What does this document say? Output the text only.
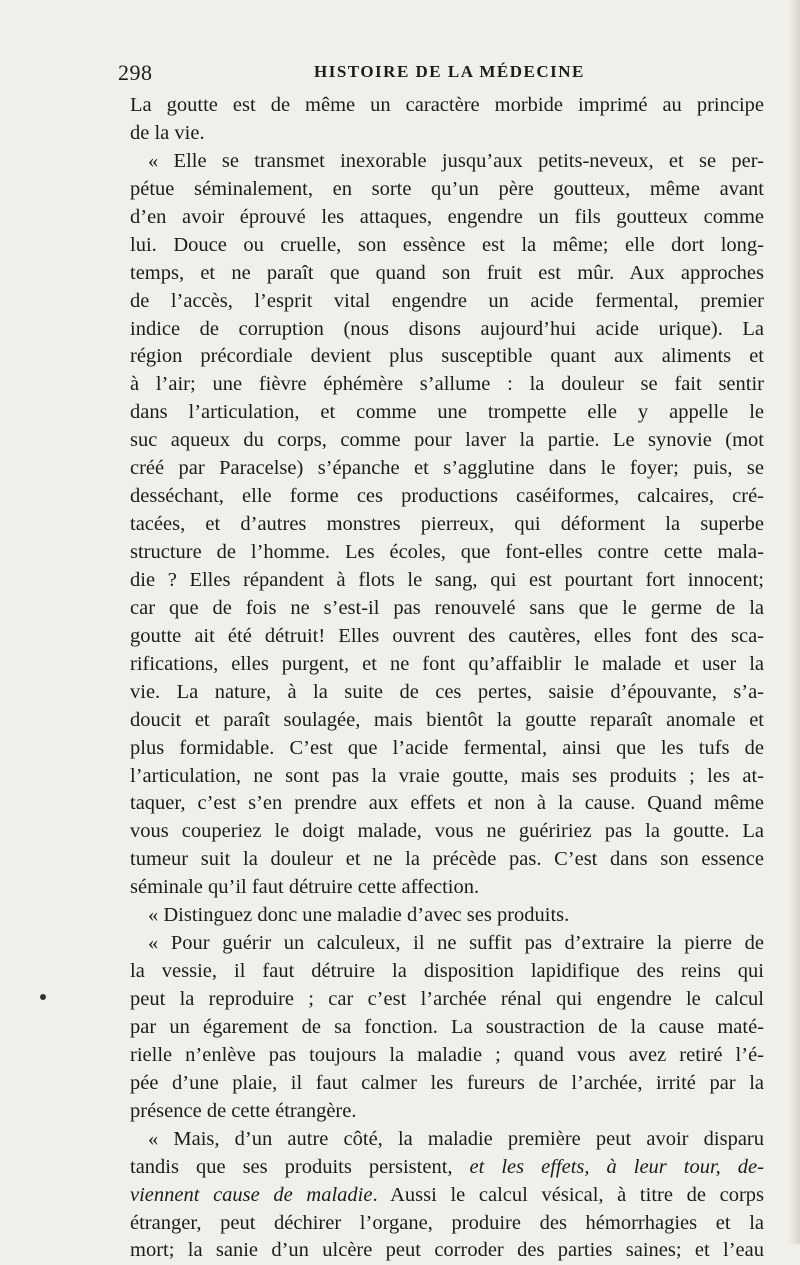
298	HISTOIRE DE LA MÉDECINE
La goutte est de même un caractère morbide imprimé au principe
de la vie.
« Elle se transmet inexorable jusqu’aux petits-neveux, et se per-
pétue séminalement, en sorte qu’un père goutteux, même avant
d’en avoir éprouvé les attaques, engendre un fils goutteux comme
lui. Douce ou cruelle, son essènce est la même; elle dort long-
temps, et ne paraît que quand son fruit est mûr. Aux approches
de l’accès, l’esprit vital engendre un acide fermental, premier
indice de corruption (nous disons aujourd’hui acide urique). La
région précordiale devient plus susceptible quant aux aliments et
à l’air; une fièvre éphémère s’allume : la douleur se fait sentir
dans l’articulation, et comme une trompette elle y appelle le
suc aqueux du corps, comme pour laver la partie. Le synovie (mot
créé par Paracelse) s’épanche et s’agglutine dans le foyer; puis, se
desséchant, elle forme ces productions caséiformes, calcaires, cré-
tacées, et d’autres monstres pierreux, qui déforment la superbe
structure de l’homme. Les écoles, que font-elles contre cette mala-
die ? Elles répandent à flots le sang, qui est pourtant fort innocent;
car que de fois ne s’est-il pas renouvelé sans que le germe de la
goutte ait été détruit! Elles ouvrent des cautères, elles font des sca-
rifications, elles purgent, et ne font qu’affaiblir le malade et user la
vie. La nature, à la suite de ces pertes, saisie d’épouvante, s’a-
doucit et paraît soulagée, mais bientôt la goutte reparaît anomale et
plus formidable. C’est que l’acide fermental, ainsi que les tufs de
l’articulation, ne sont pas la vraie goutte, mais ses produits ; les at-
taquer, c’est s’en prendre aux effets et non à la cause. Quand même
vous couperiez le doigt malade, vous ne guéririez pas la goutte. La
tumeur suit la douleur et ne la précède pas. C’est dans son essence
séminale qu’il faut détruire cette affection.
« Distinguez donc une maladie d’avec ses produits.
« Pour guérir un calculeux, il ne suffit pas d’extraire la pierre de
la vessie, il faut détruire la disposition lapidifique des reins qui
peut la reproduire ; car c’est l’archée rénal qui engendre le calcul
par un égarement de sa fonction. La soustraction de la cause maté-
rielle n’enlève pas toujours la maladie ; quand vous avez retiré l’é-
pée d’une plaie, il faut calmer les fureurs de l’archée, irrité par la
présence de cette étrangère.
« Mais, d’un autre côté, la maladie première peut avoir disparu
tandis que ses produits persistent, et les effets, à leur tour, de-
viennent cause de maladie. Aussi le calcul vésical, à titre de corps
étranger, peut déchirer l’organe, produire des hémorrhagies et la
mort; la sanie d’un ulcère peut corroder des parties saines; et l’eau
